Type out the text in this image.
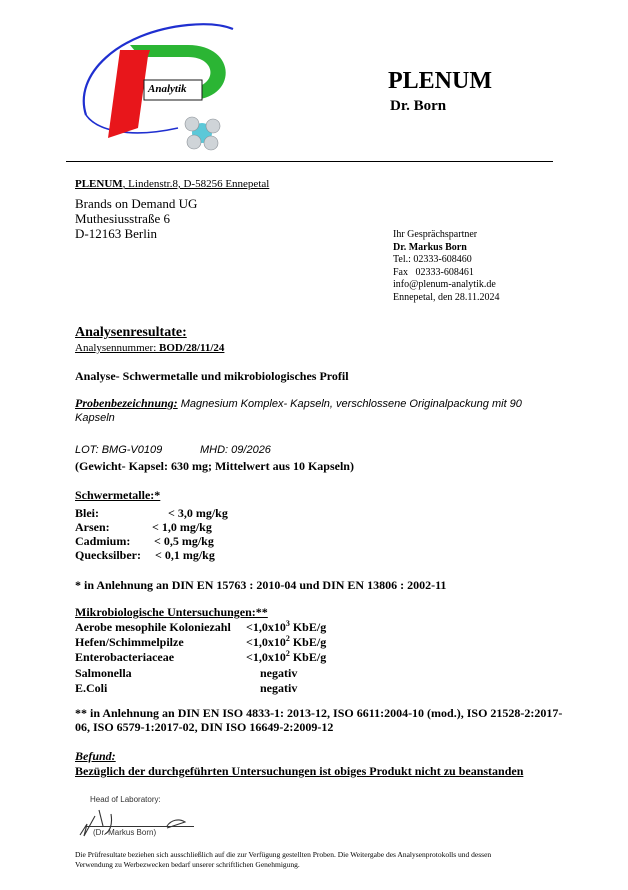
Analytik	PLENUM
Dr. Born
PLENUM, Lindenstr.8, D-58256 Ennepetal
Brands on Demand UG
Muthesiusstraße 6
D-12163 Berlin	Ihr Gesprächspartner
Dr. Markus Born
Tel.: 02333-608460
Fax   02333-608461
info@plenum-analytik.de
Ennepetal, den 28.11.2024
Analysenresultate:
Analysennummer: BOD/28/11/24
Analyse- Schwermetalle und mikrobiologisches Profil
Probenbezeichnung: Magnesium Komplex- Kapseln, verschlossene Originalpackung mit 90
Kapseln
LOT: BMG-V0109	MHD: 09/2026
(Gewicht- Kapsel: 630 mg; Mittelwert aus 10 Kapseln)
Schwermetalle:*
Blei:	< 3,0 mg/kg
Arsen:	< 1,0 mg/kg
Cadmium: < 0,5 mg/kg
Quecksilber: < 0,1 mg/kg
* in Anlehnung an DIN EN 15763 : 2010-04 und DIN EN 13806 : 2002-11
Mikrobiologische Untersuchungen:**
Aerobe mesophile Koloniezahl $<1,0x10^3$ KbE/g
Hefen/Schimmelpilze	$<1,0x10^2$ KbE/g
Enterobacteriaceae	$<1,0x10^2$ KbE/g
Salmonella	negativ
E.Coli	negativ
** in Anlehnung an DIN EN ISO 4833-1: 2013-12, ISO 6611:2004-10 (mod.), ISO 21528-2:2017-
06, ISO 6579-1:2017-02, DIN ISO 16649-2:2009-12
Befund:
Bezüglich der durchgeführten Untersuchungen ist obiges Produkt nicht zu beanstanden
Head of Laboratory:
(Dr. Markus Born)
Die Prüfresultate beziehen sich ausschließlich auf die zur Verfügung gestellten Proben. Die Weitergabe des Analysenprotokolls und dessen
Verwendung zu Werbezwecken bedarf unserer schriftlichen Genehmigung.
